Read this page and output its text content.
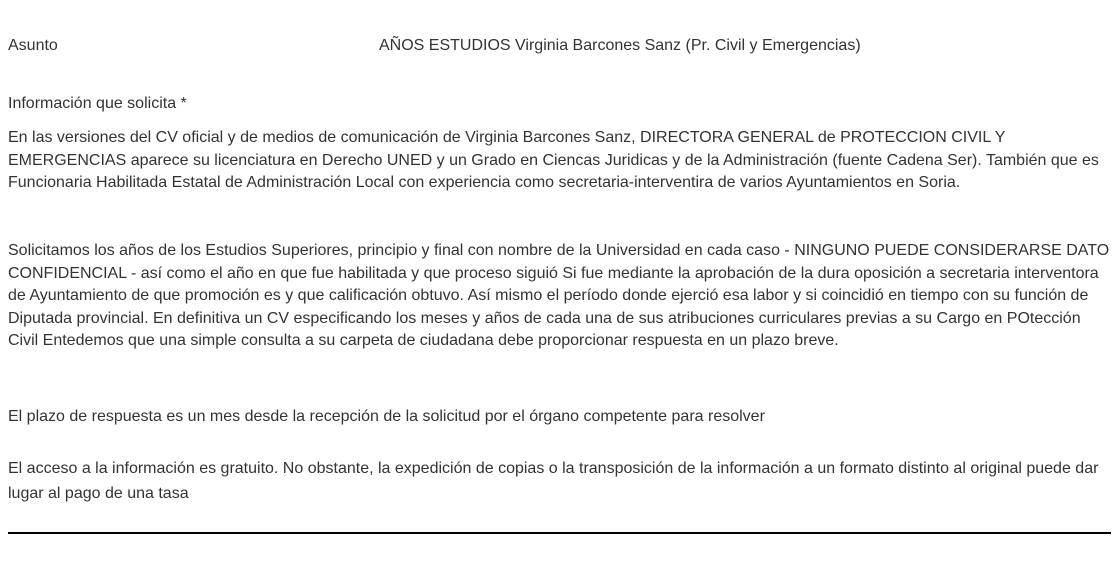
Asunto	AÑOS ESTUDIOS Virginia Barcones Sanz (Pr. Civil y Emergencias)
Información que solicita *

En las versiones del CV oficial y de medios de comunicación de Virginia Barcones Sanz, DIRECTORA GENERAL de PROTECCION CIVIL Y EMERGENCIAS aparece su licenciatura en Derecho UNED y un Grado en Ciencas Juridicas y de la Administración (fuente Cadena Ser). También que es Funcionaria Habilitada Estatal de Administración Local con experiencia como secretaria-interventira de varios Ayuntamientos en Soria.

Solicitamos los años de los Estudios Superiores, principio y final con nombre de la Universidad en cada caso - NINGUNO PUEDE CONSIDERARSE DATO CONFIDENCIAL - así como el año en que fue habilitada y que proceso siguió Si fue mediante la aprobación de la dura oposición a secretaria interventora de Ayuntamiento de que promoción es y que calificación obtuvo. Así mismo el período donde ejerció esa labor y si coincidió en tiempo con su función de Diputada provincial. En definitiva un CV especificando los meses y años de cada una de sus atribuciones curriculares previas a su Cargo en POtección Civil Entedemos que una simple consulta a su carpeta de ciudadana debe proporcionar respuesta en un plazo breve.

El plazo de respuesta es un mes desde la recepción de la solicitud por el órgano competente para resolver

El acceso a la información es gratuito. No obstante, la expedición de copias o la transposición de la información a un formato distinto al original puede dar lugar al pago de una tasa
